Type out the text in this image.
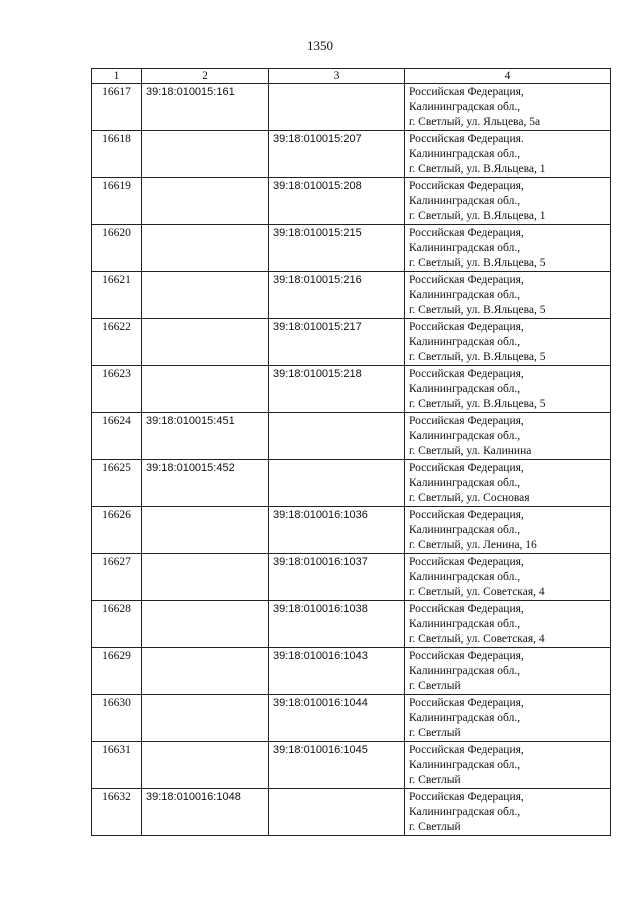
1350
1	2	3	4
16617	39:18:010015:161		Российская Федерация,
Калининградская обл.,
г. Светлый, ул. Яльцева, 5а

16618		39:18:010015:207	Российская Федерация.
Калининградская обл.,
г. Светлый, ул. В.Яльцева, 1

16619		39:18:010015:208	Российская Федерация,
Калининградская обл.,
г. Светлый, ул. В.Яльцева, 1

16620		39:18:010015:215	Российская Федерация,
Калининградская обл.,
г. Светлый, ул. В.Яльцева, 5

16621		39:18:010015:216	Российская Федерация,
Калининградская обл.,
г. Светлый, ул. В.Яльцева, 5

16622		39:18:010015:217	Российская Федерация,
Калининградская обл.,
г. Светлый, ул. В.Яльцева, 5

16623		39:18:010015:218	Российская Федерация,
Калининградская обл.,
г. Светлый, ул. В.Яльцева, 5

16624	39:18:010015:451		Российская Федерация,
Калининградская обл.,
г. Светлый, ул. Калинина

16625	39:18:010015:452		Российская Федерация,
Калининградская обл.,
г. Светлый, ул. Сосновая

16626		39:18:010016:1036	Российская Федерация,
Калининградская обл.,
г. Светлый, ул. Ленина, 16

16627		39:18:010016:1037	Российская Федерация,
Калининградская обл.,
г. Светлый, ул. Советская, 4

16628		39:18:010016:1038	Российская Федерация,
Калининградская обл.,
г. Светлый, ул. Советская, 4

16629		39:18:010016:1043	Российская Федерация,
Калининградская обл.,
г. Светлый

16630		39:18:010016:1044	Российская Федерация,
Калининградская обл.,
г. Светлый

16631		39:18:010016:1045	Российская Федерация,
Калининградская обл.,
г. Светлый

16632	39:18:010016:1048		Российская Федерация,
Калининградская обл.,
г. Светлый
